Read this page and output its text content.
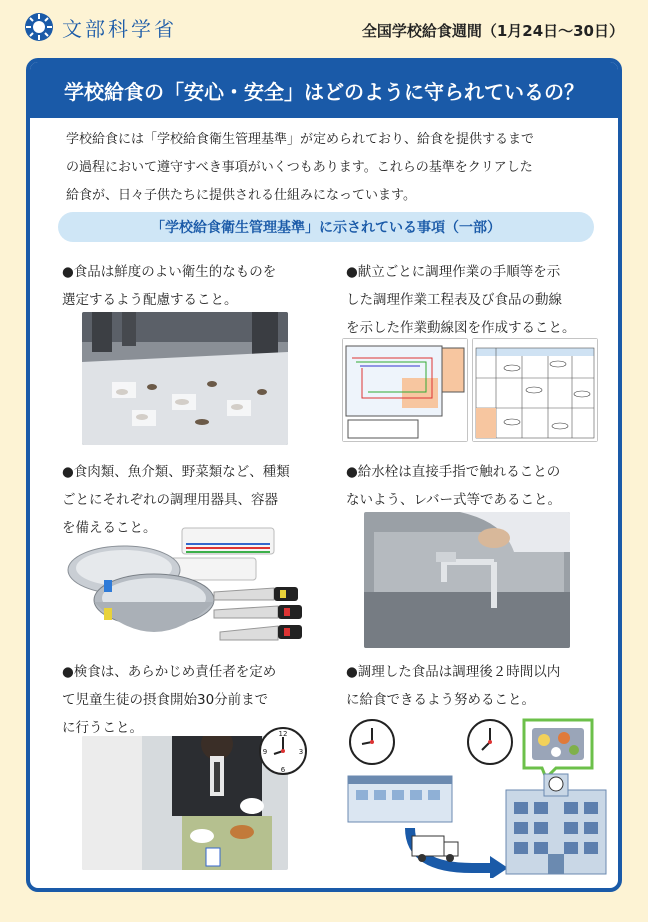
文部科学省	全国学校給食週間（1月24日〜30日）
学校給食の「安心・安全」はどのように守られているの？
学校給食には「学校給食衛生管理基準」が定められており、給食を提供するまで
の過程において遵守すべき事項がいくつもあります。これらの基準をクリアした
給食が、日々子供たちに提供される仕組みになっています。
「学校給食衛生管理基準」に示されている事項（一部）
●食品は鮮度のよい衛生的なものを
選定するよう配慮すること。
●献立ごとに調理作業の手順等を示
した調理作業工程表及び食品の動線
を示した作業動線図を作成すること。
●食肉類、魚介類、野菜類など、種類
ごとにそれぞれの調理用器具、容器
を備えること。
●給水栓は直接手指で触れることの
ないよう、レバー式等であること。
●検食は、あらかじめ責任者を定め
て児童生徒の摂食開始30分前まで
に行うこと。	12
6
9	3
●調理した食品は調理後２時間以内
に給食できるよう努めること。
